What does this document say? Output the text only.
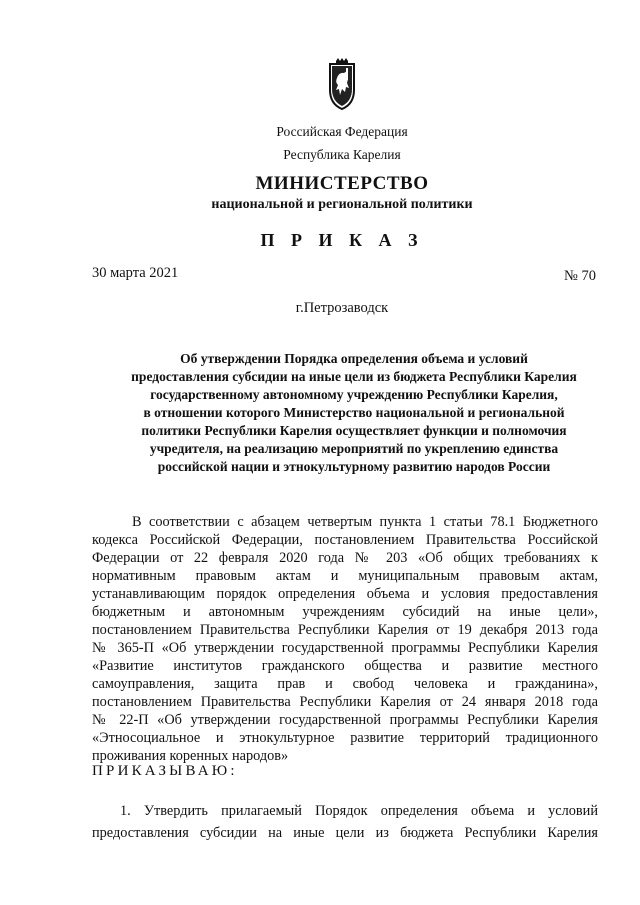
Российская Федерация
Республика Карелия
МИНИСТЕРСТВО
национальной и региональной политики
П Р И К А З
30 марта 2021	№ 70
г.Петрозаводск
Об утверждении Порядка определения объема и условий
предоставления субсидии на иные цели из бюджета Республики Карелия
государственному автономному учреждению Республики Карелия,
в отношении которого Министерство национальной и региональной
политики Республики Карелия осуществляет функции и полномочия
учредителя, на реализацию мероприятий по укреплению единства
российской нации и этнокультурному развитию народов России
В соответствии с абзацем четвертым пункта 1 статьи 78.1 Бюджетного
кодекса Российской Федерации, постановлением Правительства Российской
Федерации от 22 февраля 2020 года № 203 «Об общих требованиях к
нормативным правовым актам и муниципальным правовым актам,
устанавливающим порядок определения объема и условия предоставления
бюджетным и автономным учреждениям субсидий на иные цели»,
постановлением Правительства Республики Карелия от 19 декабря 2013 года
№ 365-П «Об утверждении государственной программы Республики Карелия
«Развитие институтов гражданского общества и развитие местного
самоуправления, защита прав и свобод человека и гражданина»,
постановлением Правительства Республики Карелия от 24 января 2018 года
№ 22-П «Об утверждении государственной программы Республики Карелия
«Этносоциальное и этнокультурное развитие территорий традиционного
проживания коренных народов»
ПРИКАЗЫВАЮ:
1. Утвердить прилагаемый Порядок определения объема и условий
предоставления субсидии на иные цели из бюджета Республики Карелия
